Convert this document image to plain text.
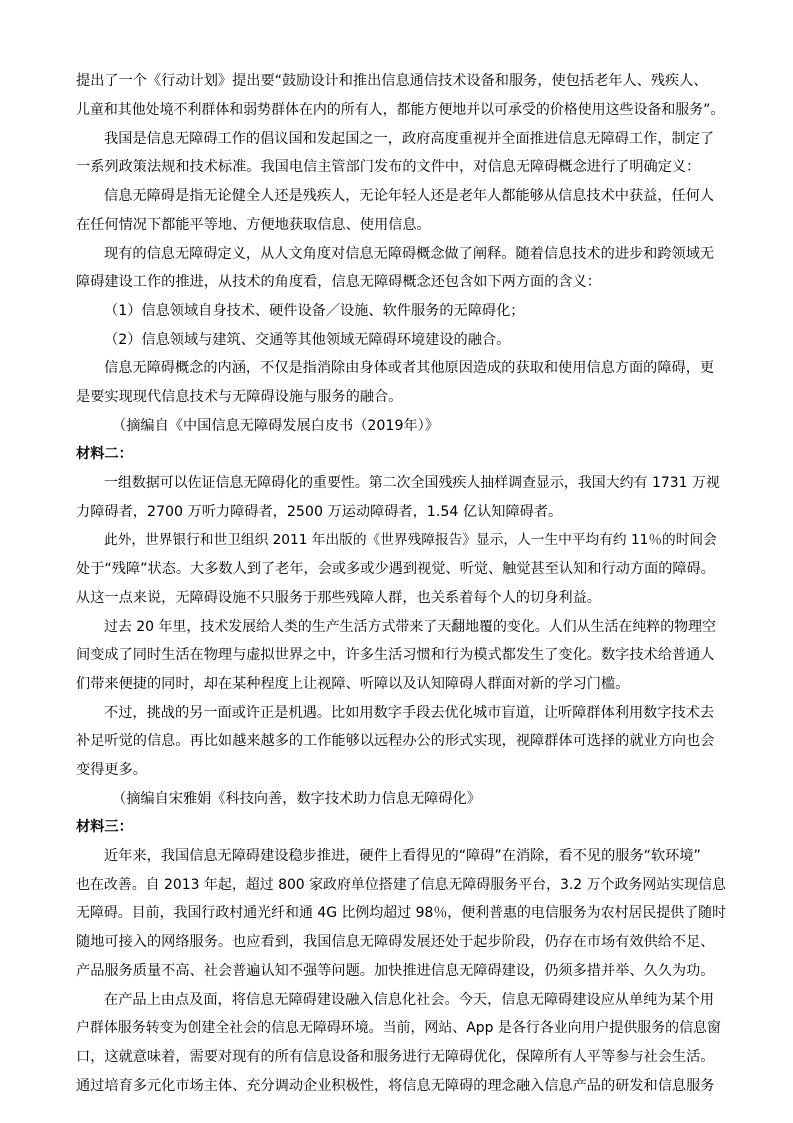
提出了一个《行动计划》提出要“鼓励设计和推出信息通信技术设备和服务，使包括老年人、残疾人、
儿童和其他处境不利群体和弱势群体在内的所有人，都能方便地并以可承受的价格使用这些设备和服务”。
我国是信息无障碍工作的倡议国和发起国之一，政府高度重视并全面推进信息无障碍工作，制定了
一系列政策法规和技术标准。我国电信主管部门发布的文件中，对信息无障碍概念进行了明确定义：
信息无障碍是指无论健全人还是残疾人，无论年轻人还是老年人都能够从信息技术中获益，任何人
在任何情况下都能平等地、方便地获取信息、使用信息。
现有的信息无障碍定义，从人文角度对信息无障碍概念做了阐释。随着信息技术的进步和跨领域无
障碍建设工作的推进，从技术的角度看，信息无障碍概念还包含如下两方面的含义：
（1）信息领域自身技术、硬件设备／设施、软件服务的无障碍化；
（2）信息领域与建筑、交通等其他领域无障碍环境建设的融合。
信息无障碍概念的内涵，不仅是指消除由身体或者其他原因造成的获取和使用信息方面的障碍，更
是要实现现代信息技术与无障碍设施与服务的融合。
（摘编自《中国信息无障碍发展白皮书（2019年）》
材料二：
一组数据可以佐证信息无障碍化的重要性。第二次全国残疾人抽样调查显示，我国大约有 1731 万视
力障碍者，2700 万听力障碍者，2500 万运动障碍者，1.54 亿认知障碍者。
此外，世界银行和世卫组织 2011 年出版的《世界残障报告》显示，人一生中平均有约 11％的时间会
处于“残障”状态。大多数人到了老年，会或多或少遇到视觉、听觉、触觉甚至认知和行动方面的障碍。
从这一点来说，无障碍设施不只服务于那些残障人群，也关系着每个人的切身利益。
过去 20 年里，技术发展给人类的生产生活方式带来了天翻地覆的变化。人们从生活在纯粹的物理空
间变成了同时生活在物理与虚拟世界之中，许多生活习惯和行为模式都发生了变化。数字技术给普通人
们带来便捷的同时，却在某种程度上让视障、听障以及认知障碍人群面对新的学习门槛。
不过，挑战的另一面或许正是机遇。比如用数字手段去优化城市盲道，让听障群体利用数字技术去
补足听觉的信息。再比如越来越多的工作能够以远程办公的形式实现，视障群体可选择的就业方向也会
变得更多。
（摘编自宋雅娟《科技向善，数字技术助力信息无障碍化》
材料三：
近年来，我国信息无障碍建设稳步推进，硬件上看得见的“障碍”在消除，看不见的服务“软环境”
也在改善。自 2013 年起，超过 800 家政府单位搭建了信息无障碍服务平台，3.2 万个政务网站实现信息
无障碍。目前，我国行政村通光纤和通 4G 比例均超过 98％，便利普惠的电信服务为农村居民提供了随时
随地可接入的网络服务。也应看到，我国信息无障碍发展还处于起步阶段，仍存在市场有效供给不足、
产品服务质量不高、社会普遍认知不强等问题。加快推进信息无障碍建设，仍须多措并举、久久为功。
在产品上由点及面，将信息无障碍建设融入信息化社会。今天，信息无障碍建设应从单纯为某个用
户群体服务转变为创建全社会的信息无障碍环境。当前，网站、App 是各行各业向用户提供服务的信息窗
口，这就意味着，需要对现有的所有信息设备和服务进行无障碍优化，保障所有人平等参与社会生活。
通过培育多元化市场主体、充分调动企业积极性，将信息无障碍的理念融入信息产品的研发和信息服务
